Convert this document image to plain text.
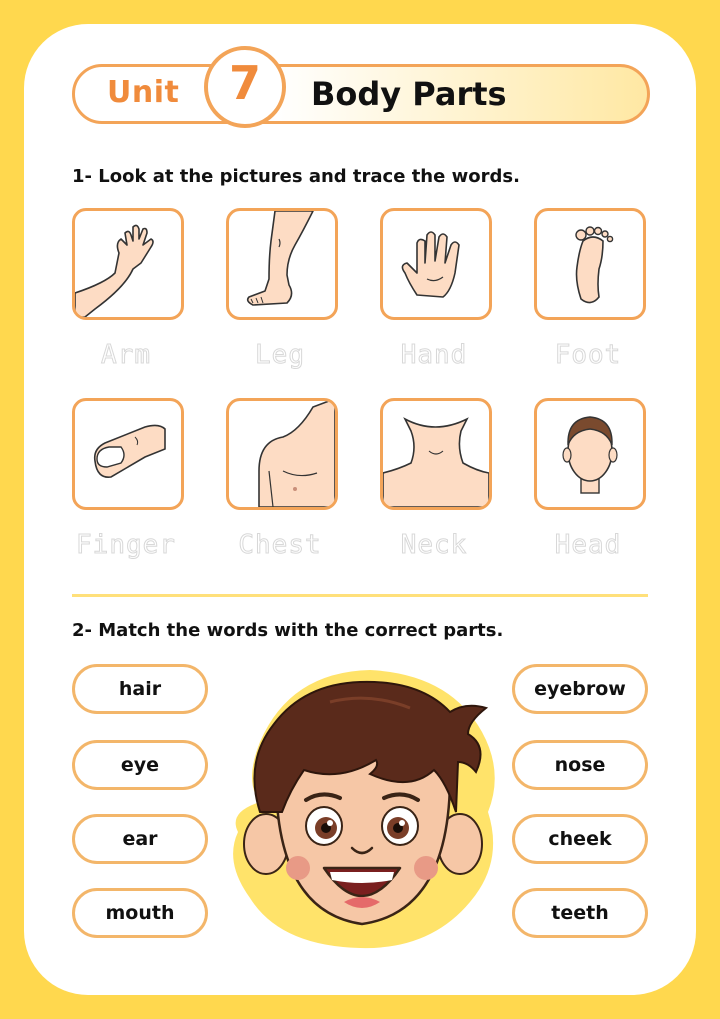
Unit	Body Parts
7
1- Look at the pictures and trace the words.
Arm	Leg	Hand	Foot
Finger	Chest	Neck	Head
2- Match the words with the correct parts.
hair
eye
ear
mouth
eyebrow
nose
cheek
teeth
